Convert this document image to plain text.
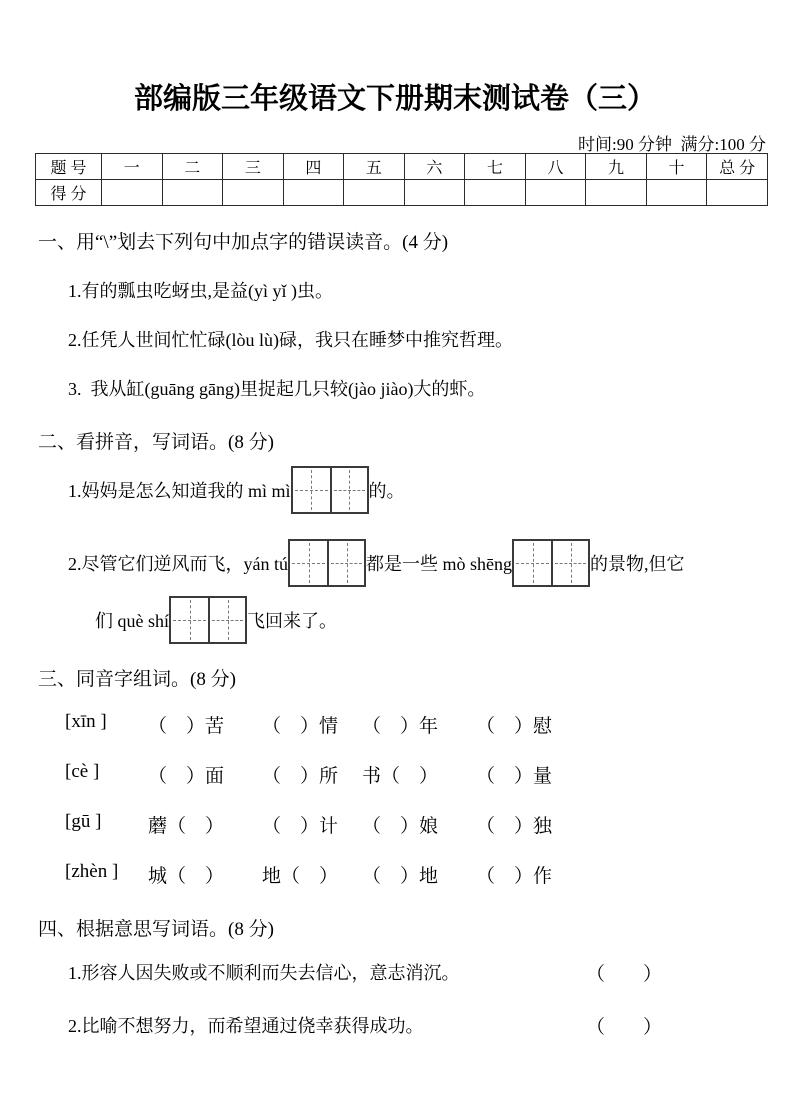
部编版三年级语文下册期末测试卷（三）
时间:90 分钟  满分:100 分
题 号	一	二	三	四	五	六	七	八	九	十	总 分
得 分											
一、用“\”划去下列句中加点字的错误读音。(4 分)
1.有的瓢虫吃蚜虫,是益(yì yǐ )虫。
2.任凭人世间忙忙碌(lòu lù)碌，我只在睡梦中推究哲理。
3.  我从缸(guāng gāng)里捉起几只较(jào jiào)大的虾。
二、看拼音，写词语。(8 分)
1.妈妈是怎么知道我的 mì mì	的。
2.尽管它们逆风而飞，yán tú	都是一些 mò shēng	的景物,但它
们 què shí	飞回来了。
三、同音字组词。(8 分)
[xīn ] （　）苦 （　）情 （　）年 （　）慰
[cè ]	（　）面 （　）所 书（　） （　）量
[gū ] 蘑（　） （　）计 （　）娘 （　）独
[zhèn ] 城（　） 地（　） （　）地 （　）作
四、根据意思写词语。(8 分)
1.形容人因失败或不顺利而失去信心，意志消沉。	（　　）
2.比喻不想努力，而希望通过侥幸获得成功。	（　　）
